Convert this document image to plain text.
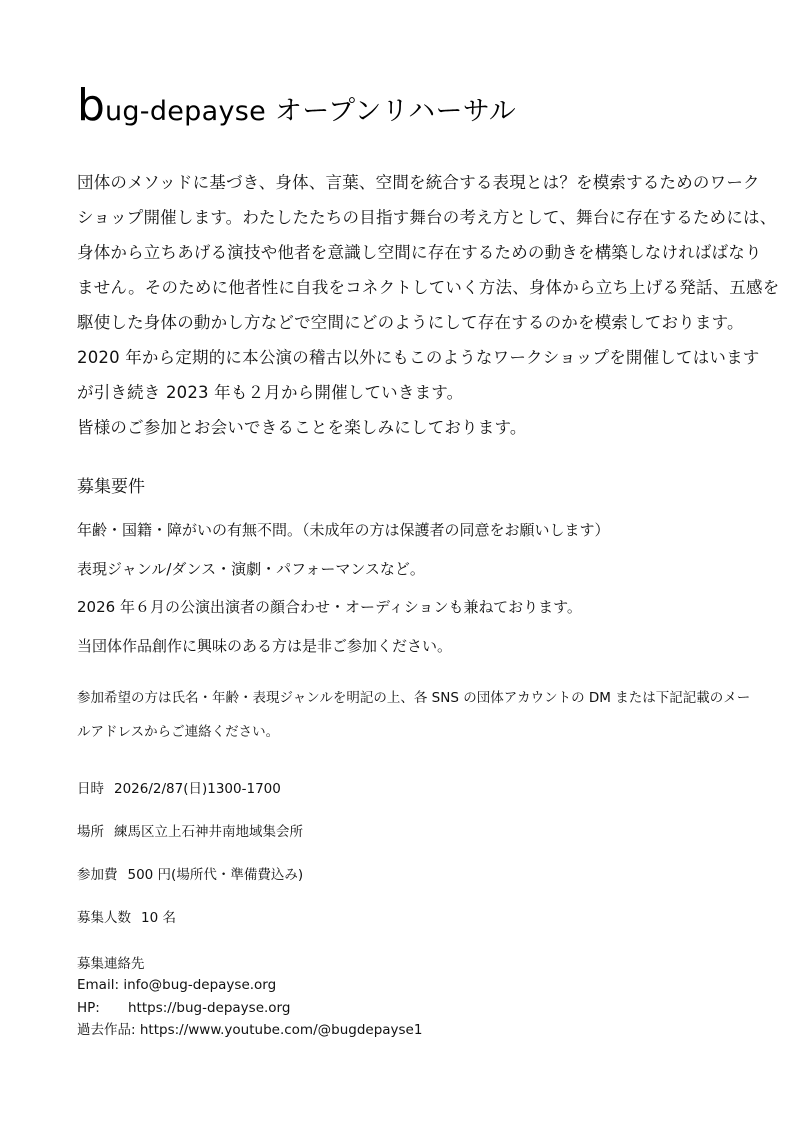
bug-depayse オープンリハーサル

団体のメソッドに基づき、身体、言葉、空間を統合する表現とは？を模索するためのワーク

ショップ開催します。わたしたたちの目指す舞台の考え方として、舞台に存在するためには、

身体から立ちあげる演技や他者を意識し空間に存在するための動きを構築しなければばなり

ません。そのために他者性に自我をコネクトしていく方法、身体から立ち上げる発話、五感を

駆使した身体の動かし方などで空間にどのようにして存在するのかを模索しております。

2020 年から定期的に本公演の稽古以外にもこのようなワークショップを開催してはいます

が引き続き 2023 年も２月から開催していきます。

皆様のご参加とお会いできることを楽しみにしております。

募集要件

年齢・国籍・障がいの有無不問。（未成年の方は保護者の同意をお願いします）

表現ジャンル/ダンス・演劇・パフォーマンスなど。

2026 年６月の公演出演者の顔合わせ・オーディションも兼ねております。

当団体作品創作に興味のある方は是非ご参加ください。

参加希望の方は氏名・年齢・表現ジャンルを明記の上、各 SNS の団体アカウントの DM または下記記載のメー

ルアドレスからご連絡ください。

日時 2026/2/87(日)1300-1700

場所 練馬区立上石神井南地域集会所

参加費 500 円(場所代・準備費込み)

募集人数 10 名

募集連絡先

Email: info@bug-depayse.org

HP: https://bug-depayse.org

過去作品: https://www.youtube.com/@bugdepayse1
